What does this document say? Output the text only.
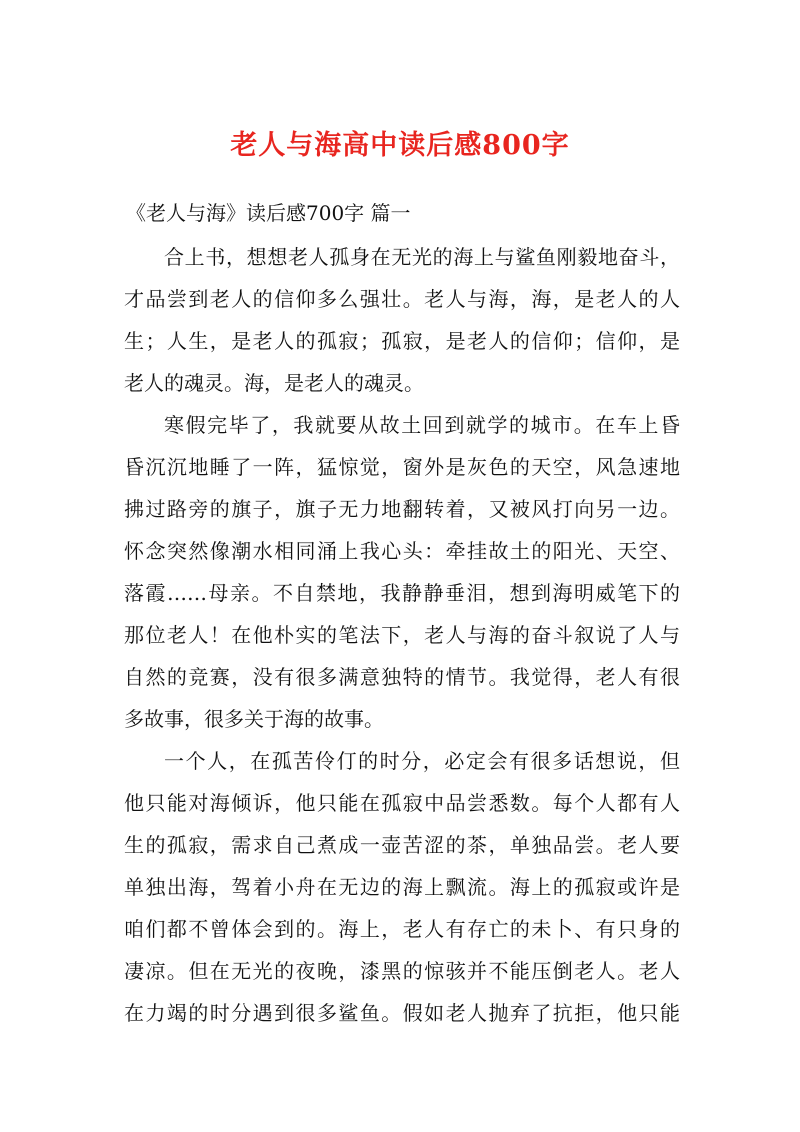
老人与海高中读后感800字
《老人与海》读后感700字 篇一
合上书，想想老人孤身在无光的海上与鲨鱼刚毅地奋斗，
才品尝到老人的信仰多么强壮。老人与海，海，是老人的人
生；人生，是老人的孤寂；孤寂，是老人的信仰；信仰，是
老人的魂灵。海，是老人的魂灵。
寒假完毕了，我就要从故土回到就学的城市。在车上昏
昏沉沉地睡了一阵，猛惊觉，窗外是灰色的天空，风急速地
拂过路旁的旗子，旗子无力地翻转着，又被风打向另一边。
怀念突然像潮水相同涌上我心头：牵挂故土的阳光、天空、
落霞……母亲。不自禁地，我静静垂泪，想到海明威笔下的
那位老人！在他朴实的笔法下，老人与海的奋斗叙说了人与
自然的竞赛，没有很多满意独特的情节。我觉得，老人有很
多故事，很多关于海的故事。
一个人，在孤苦伶仃的时分，必定会有很多话想说，但
他只能对海倾诉，他只能在孤寂中品尝悉数。每个人都有人
生的孤寂，需求自己煮成一壶苦涩的茶，单独品尝。老人要
单独出海，驾着小舟在无边的海上飘流。海上的孤寂或许是
咱们都不曾体会到的。海上，老人有存亡的未卜、有只身的
凄凉。但在无光的夜晚，漆黑的惊骇并不能压倒老人。老人
在力竭的时分遇到很多鲨鱼。假如老人抛弃了抗拒，他只能
